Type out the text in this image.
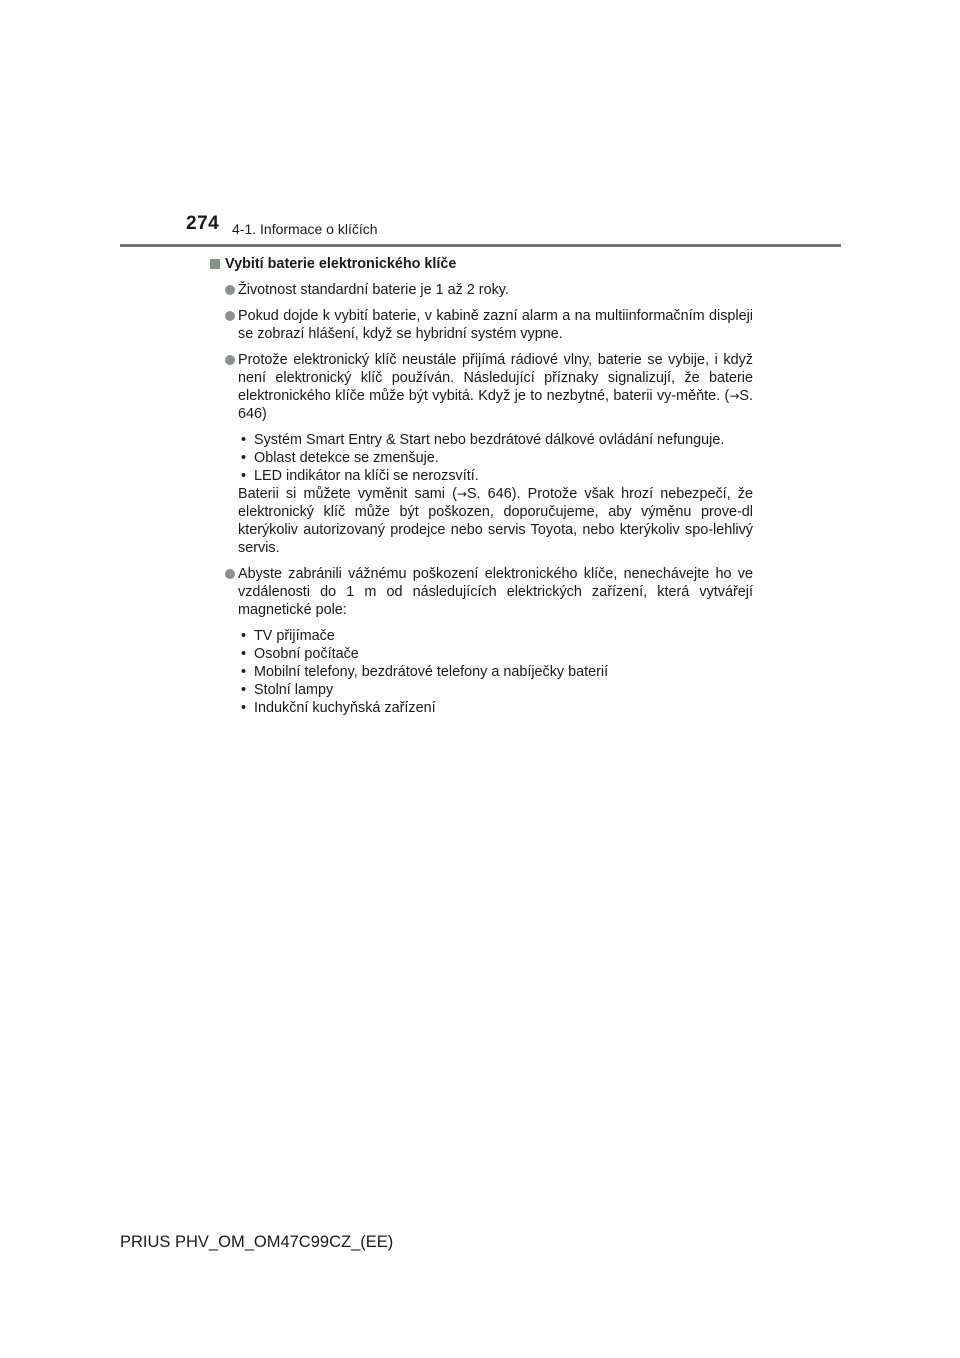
274 4-1. Informace o klíčích
Vybití baterie elektronického klíče

Životnost standardní baterie je 1 až 2 roky.

Pokud dojde k vybití baterie, v kabině zazní alarm a na multiinformačním displeji se zobrazí hlášení, když se hybridní systém vypne.

Protože elektronický klíč neustále přijímá rádiové vlny, baterie se vybije, i když není elektronický klíč používán. Následující příznaky signalizují, že baterie elektronického klíče může být vybitá. Když je to nezbytné, baterii vy-měňte. (→S. 646)

• Systém Smart Entry & Start nebo bezdrátové dálkové ovládání nefunguje.
• Oblast detekce se zmenšuje.
• LED indikátor na klíči se nerozsvítí.
Baterii si můžete vyměnit sami (→S. 646). Protože však hrozí nebezpečí, že elektronický klíč může být poškozen, doporučujeme, aby výměnu prove-dl kterýkoliv autorizovaný prodejce nebo servis Toyota, nebo kterýkoliv spo-lehlivý servis.

Abyste zabránili vážnému poškození elektronického klíče, nenechávejte ho ve vzdálenosti do 1 m od následujících elektrických zařízení, která vytvářejí magnetické pole:

• TV přijímače
• Osobní počítače
• Mobilní telefony, bezdrátové telefony a nabíječky baterií
• Stolní lampy
• Indukční kuchyňská zařízení
PRIUS PHV_OM_OM47C99CZ_(EE)
